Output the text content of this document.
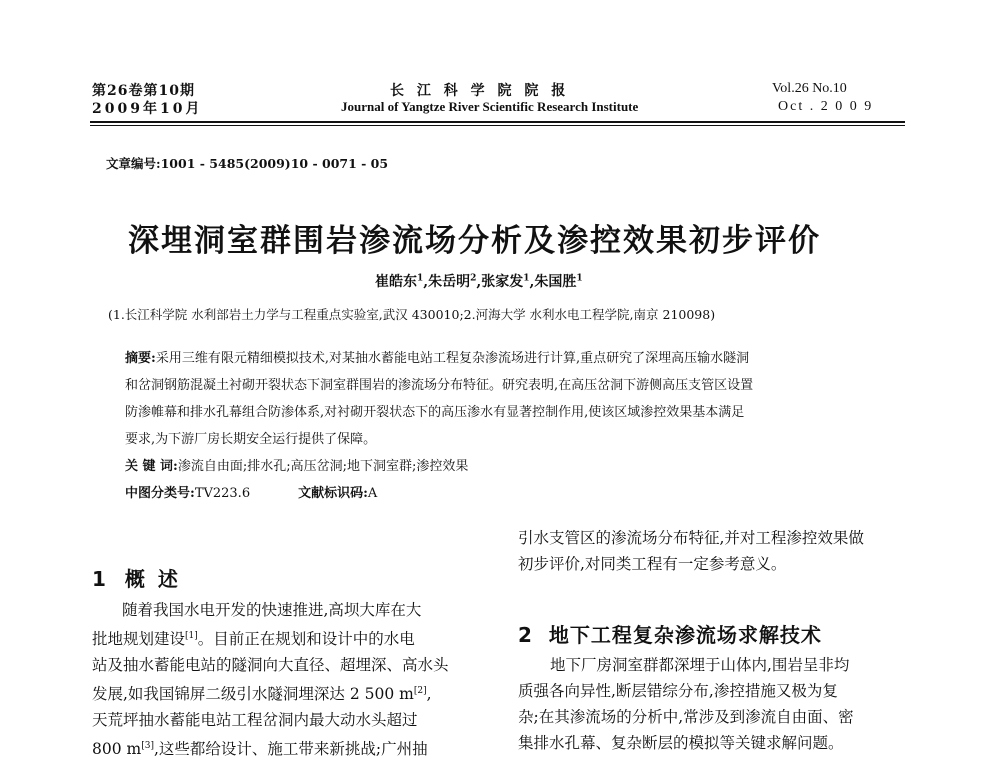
第26卷第10期
2009年10月
长 江 科 学 院 院 报
Journal of Yangtze River Scientific Research Institute
Vol.26 No.10
Oct . 2 0 0 9
文章编号:1001 - 5485(2009)10 - 0071 - 05
深埋洞室群围岩渗流场分析及渗控效果初步评价
崔皓东$^1$,朱岳明$^2$,张家发$^1$,朱国胜$^1$
(1.长江科学院 水利部岩土力学与工程重点实验室,武汉 430010;2.河海大学 水利水电工程学院,南京 210098)
摘要:采用三维有限元精细模拟技术,对某抽水蓄能电站工程复杂渗流场进行计算,重点研究了深埋高压输水隧洞
和岔洞钢筋混凝土衬砌开裂状态下洞室群围岩的渗流场分布特征。研究表明,在高压岔洞下游侧高压支管区设置
防渗帷幕和排水孔幕组合防渗体系,对衬砌开裂状态下的高压渗水有显著控制作用,使该区域渗控效果基本满足
要求,为下游厂房长期安全运行提供了保障。
关 键 词:渗流自由面;排水孔;高压岔洞;地下洞室群;渗控效果
中图分类号:TV223.6	文献标识码:A
1 概 述
随着我国水电开发的快速推进,高坝大库在大
批地规划建设[1]。目前正在规划和设计中的水电
站及抽水蓄能电站的隧洞向大直径、超埋深、高水头
发展,如我国锦屏二级引水隧洞埋深达 2 500 m[2],
天荒坪抽水蓄能电站工程岔洞内最大动水头超过
800 m[3],这些都给设计、施工带来新挑战;广州抽
引水支管区的渗流场分布特征,并对工程渗控效果做
初步评价,对同类工程有一定参考意义。
2 地下工程复杂渗流场求解技术
地下厂房洞室群都深埋于山体内,围岩呈非均
质强各向异性,断层错综分布,渗控措施又极为复
杂;在其渗流场的分析中,常涉及到渗流自由面、密
集排水孔幕、复杂断层的模拟等关键求解问题。
